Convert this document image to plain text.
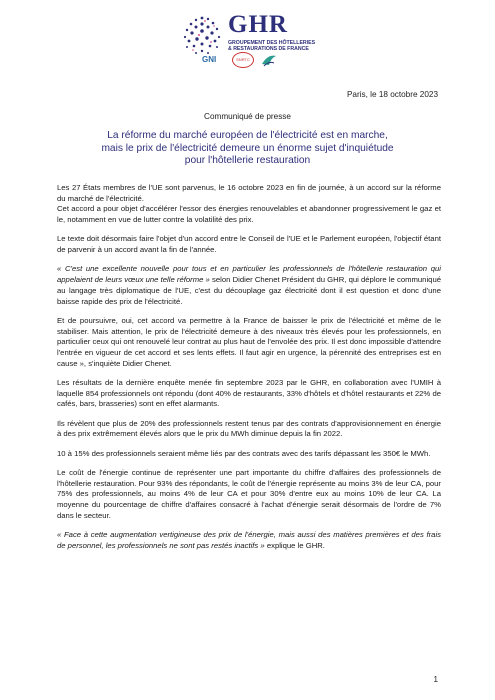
GHR
GROUPEMENT DES HÔTELLERIES & RESTAURATIONS DE FRANCE
GNI	SNRTC
Paris, le 18 octobre 2023
Communiqué de presse
La réforme du marché européen de l'électricité est en marche,
mais le prix de l'électricité demeure un énorme sujet d'inquiétude
pour l'hôtellerie restauration

Les 27 États membres de l'UE sont parvenus, le 16 octobre 2023 en fin de journée, à un accord sur la réforme du marché de l'électricité.

Cet accord a pour objet d'accélérer l'essor des énergies renouvelables et abandonner progressivement le gaz et le, notamment en vue de lutter contre la volatilité des prix.

Le texte doit désormais faire l'objet d'un accord entre le Conseil de l'UE et le Parlement européen, l'objectif étant de parvenir à un accord avant la fin de l'année.

« C'est une excellente nouvelle pour tous et en particulier les professionnels de l'hôtellerie restauration qui appelaient de leurs vœux une telle réforme » selon Didier Chenet Président du GHR, qui déplore le communiqué au langage très diplomatique de l'UE, c'est du découplage gaz électricité dont il est question et donc d'une baisse rapide des prix de l'électricité.

Et de poursuivre, oui, cet accord va permettre à la France de baisser le prix de l'électricité et même de le stabiliser. Mais attention, le prix de l'électricité demeure à des niveaux très élevés pour les professionnels, en particulier ceux qui ont renouvelé leur contrat au plus haut de l'envolée des prix. Il est donc impossible d'attendre l'entrée en vigueur de cet accord et ses lents effets. Il faut agir en urgence, la pérennité des entreprises est en cause », s'inquiète Didier Chenet.

Les résultats de la dernière enquête menée fin septembre 2023 par le GHR, en collaboration avec l'UMIH à laquelle 854 professionnels ont répondu (dont 40% de restaurants, 33% d'hôtels et d'hôtel restaurants et 22% de cafés, bars, brasseries) sont en effet alarmants.

Ils révèlent que plus de 20% des professionnels restent tenus par des contrats d'approvisionnement en énergie à des prix extrêmement élevés alors que le prix du MWh diminue depuis la fin 2022.

10 à 15% des professionnels seraient même liés par des contrats avec des tarifs dépassant les 350€ le MWh.

Le coût de l'énergie continue de représenter une part importante du chiffre d'affaires des professionnels de l'hôtellerie restauration. Pour 93% des répondants, le coût de l'énergie représente au moins 3% de leur CA, pour 75% des professionnels, au moins 4% de leur CA et pour 30% d'entre eux au moins 10% de leur CA. La moyenne du pourcentage de chiffre d'affaires consacré à l'achat d'énergie serait désormais de l'ordre de 7% dans le secteur.

« Face à cette augmentation vertigineuse des prix de l'énergie, mais aussi des matières premières et des frais de personnel, les professionnels ne sont pas restés inactifs » explique le GHR.

1
